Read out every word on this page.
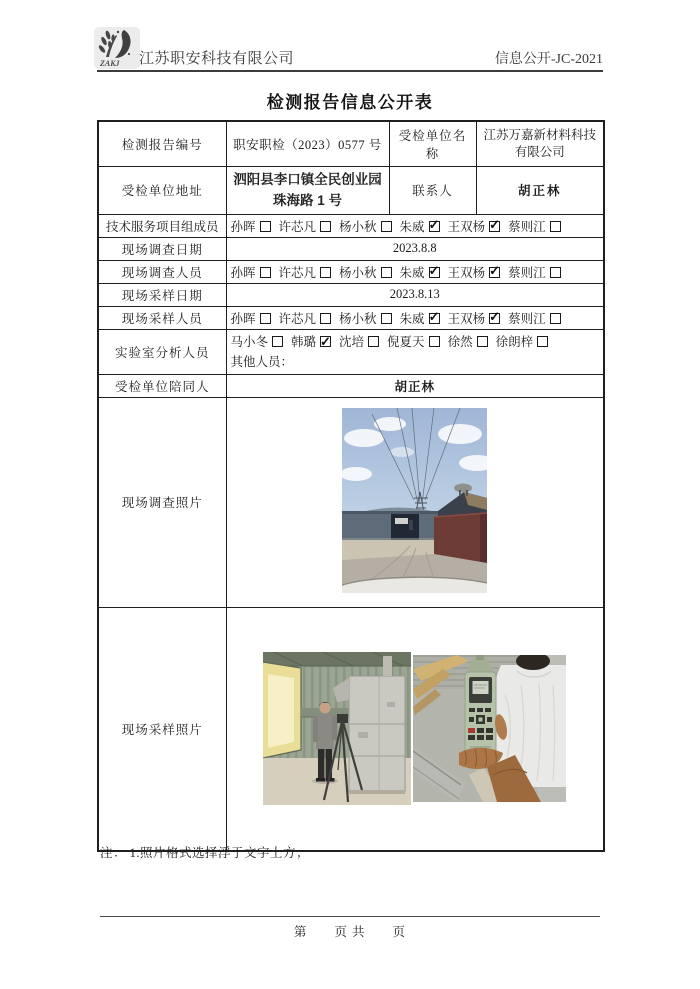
ZAKJ 江苏职安科技有限公司	信息公开-JC-2021
检测报告信息公开表
检测报告编号	职安职检（2023）0577 号	受检单位名称	江苏万嘉新材料科技有限公司

受检单位地址	泗阳县李口镇全民创业园珠海路 1 号	联系人	胡正林
技术服务项目组成员	孙晖 许芯凡 杨小秋 朱威 ✓ 王双杨✓ 蔡则江
现场调查日期	2023.8.8		
现场调查人员	孙晖 许芯凡 杨小秋 朱威 ✓ 王双杨✓ 蔡则江
现场采样日期	2023.8.13		
现场采样人员	孙晖 许芯凡 杨小秋 朱威 ✓ 王双杨✓ 蔡则江
实验室分析人员	马小冬 韩璐 ✓ 沈培 倪夏天 徐然 徐朗梓
其他人员：

受检单位陪同人	胡正林		
现场调查照片	
现场采样照片	
注： 1.照片格式选择浮于文字上方；
第　　页 共　　页
